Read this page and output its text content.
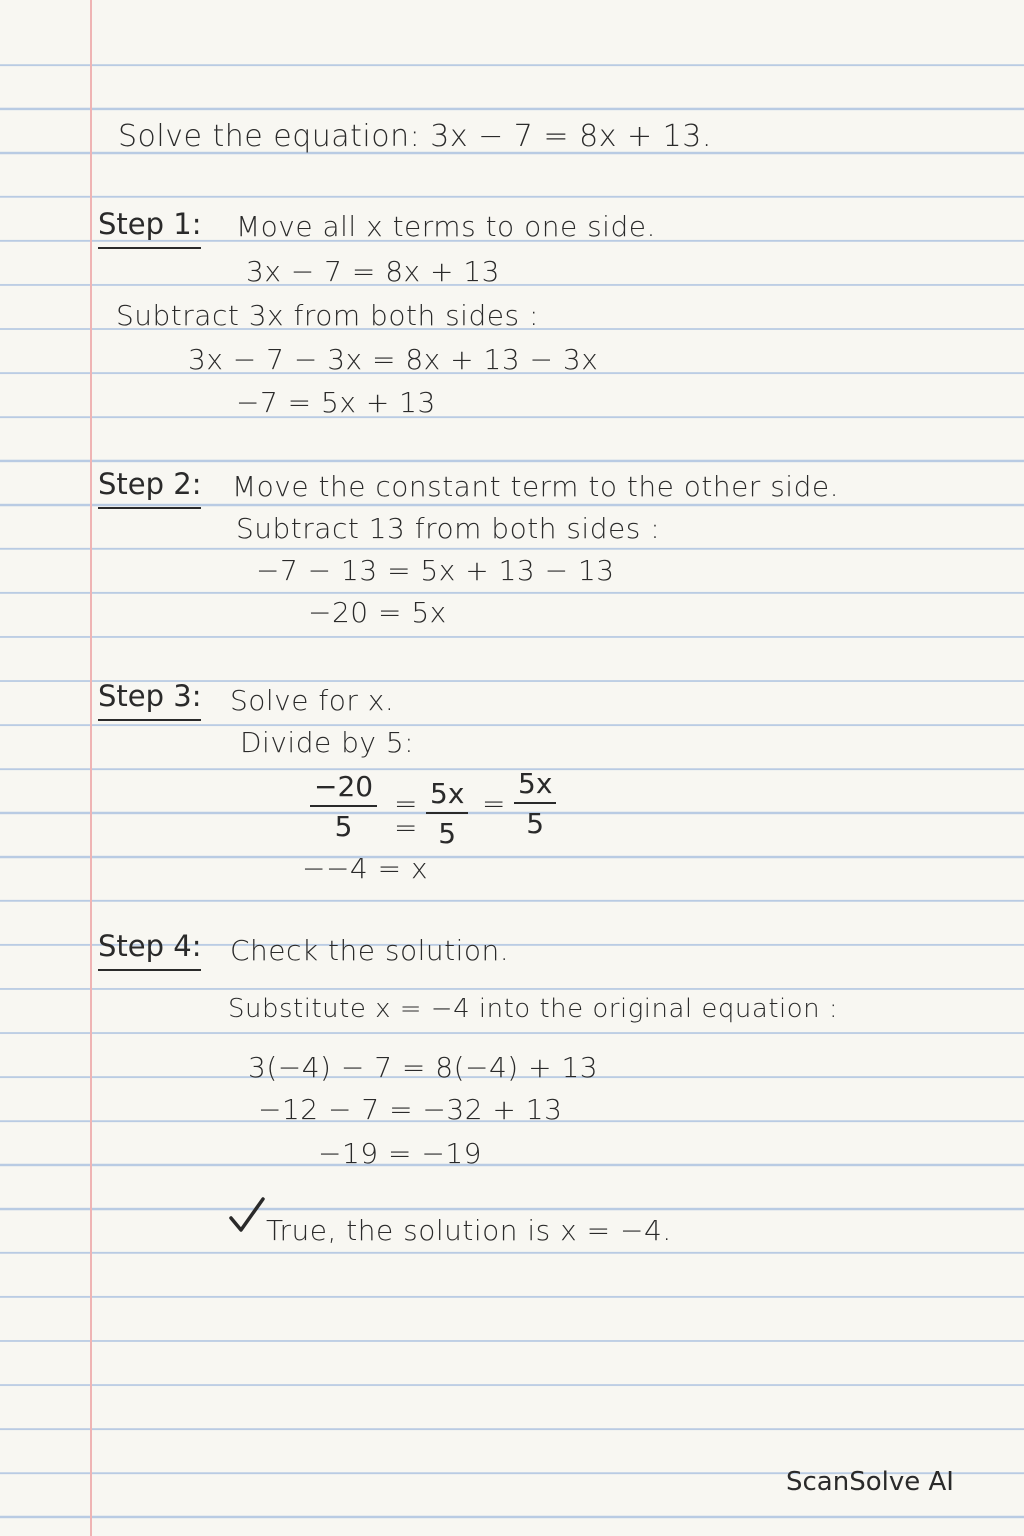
Solve the equation: 3x − 7 = 8x + 13.
Step 1: Move all x terms to one side.
3x − 7 = 8x + 13
Subtract 3x from both sides :
3x − 7 − 3x = 8x + 13 − 3x
−7 = 5x + 13
Step 2: Move the constant term to the other side.
Subtract 13 from both sides :
−7 − 13 = 5x + 13 − 13
−20 = 5x
Step 3: Solve for x.
Divide by 5:
$\frac{-20}{5}$ =
= $\frac{5x}{5} = \frac{5x}{5}$
−−4 = x
Step 4: Check the solution.
Substitute x = −4 into the original equation :
3(−4) − 7 = 8(−4) + 13
−12 − 7 = −32 + 13
−19 = −19
True, the solution is x = −4.
ScanSolve AI
